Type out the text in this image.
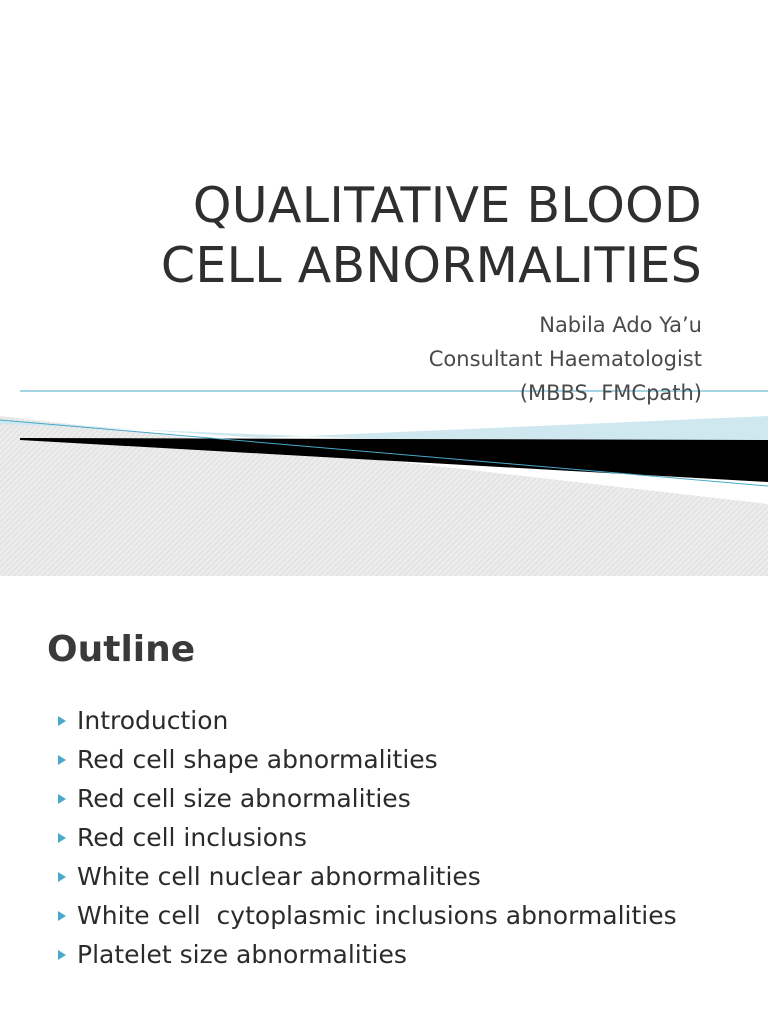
QUALITATIVE BLOOD
CELL ABNORMALITIES
Nabila Ado Ya’u
Consultant Haematologist
(MBBS, FMCpath)
Outline
Introduction
Red cell shape abnormalities
Red cell size abnormalities
Red cell inclusions
White cell nuclear abnormalities
White cell  cytoplasmic inclusions abnormalities
Platelet size abnormalities
